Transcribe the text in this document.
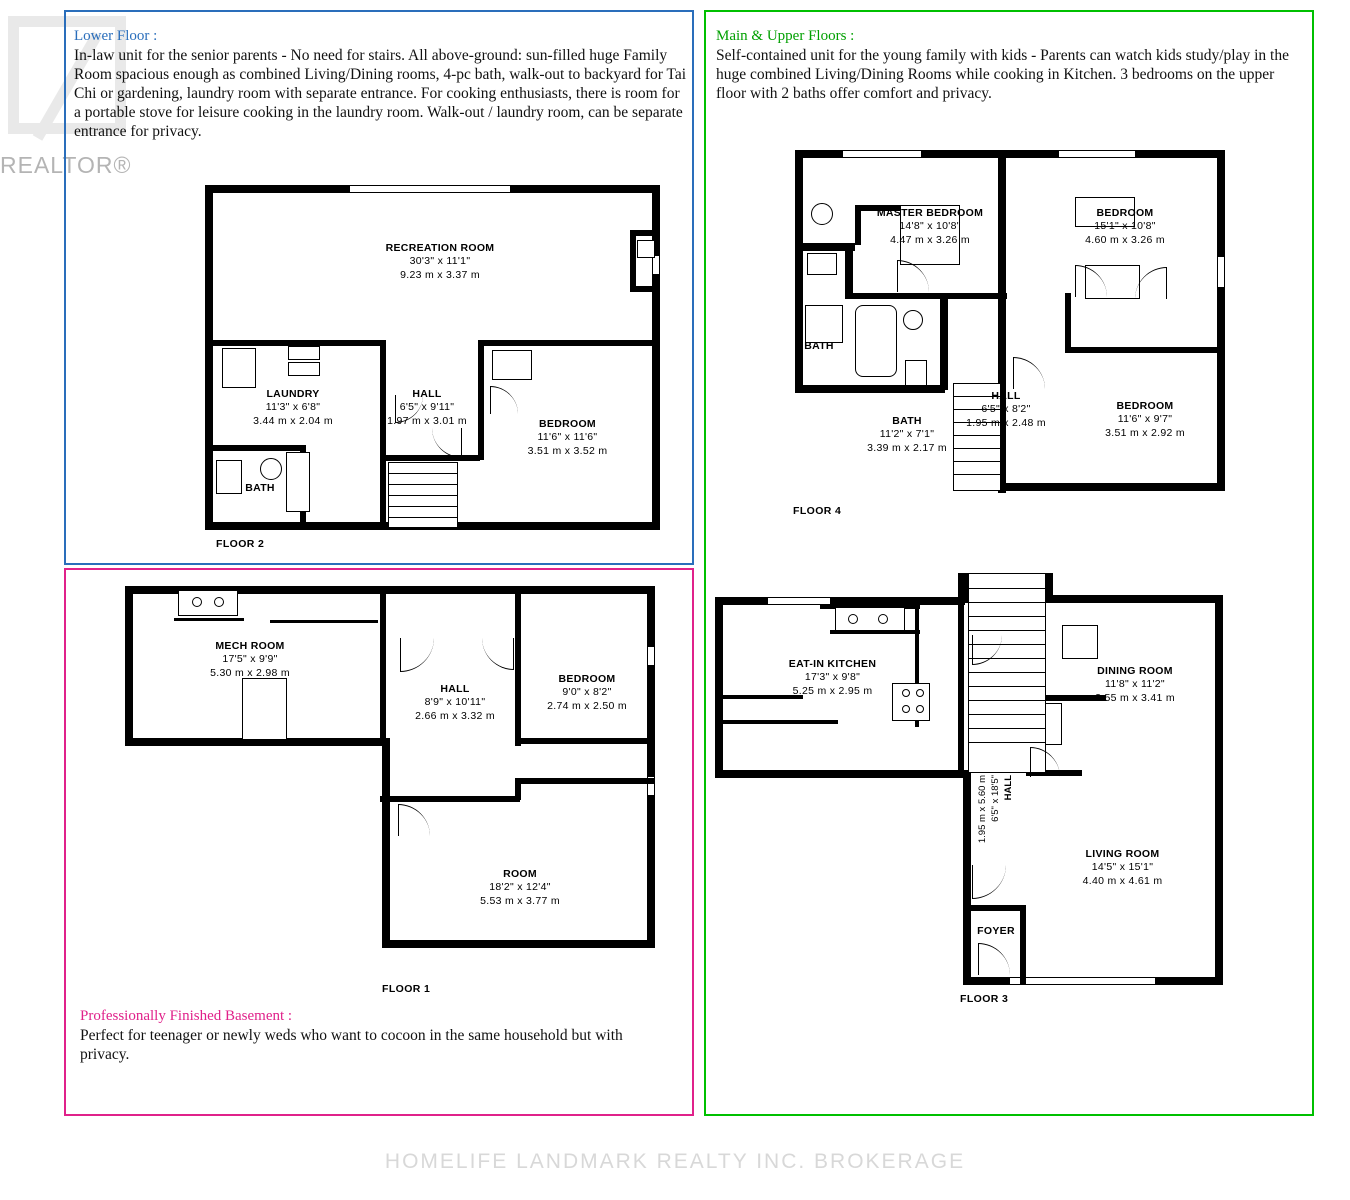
REALTOR®
Lower Floor :
In-law unit for the senior parents - No need for stairs. All above-ground: sun-filled huge Family Room spacious enough as combined Living/Dining rooms, 4-pc bath, walk-out to backyard for Tai Chi or gardening, laundry room with separate entrance. For cooking enthusiasts, there is room for a portable stove for leisure cooking in the laundry room. Walk-out / laundry room, can be separate entrance for privacy.
RECREATION ROOM
30'3" x 11'1"
9.23 m x 3.37 m
LAUNDRY
11'3" x 6'8"
3.44 m x 2.04 m
HALL
6'5" x 9'11"
1.97 m x 3.01 m	BEDROOM
11'6" x 11'6"
3.51 m x 3.52 m
BATH
FLOOR 2
Professionally Finished Basement :
Perfect for teenager or newly weds who want to cocoon in the same household but with privacy.
MECH ROOM
17'5" x 9'9"
5.30 m x 2.98 m
HALL
8'9" x 10'11"
2.66 m x 3.32 m
BEDROOM
9'0" x 8'2"
2.74 m x 2.50 m
ROOM
18'2" x 12'4"
5.53 m x 3.77 m
FLOOR 1
Main & Upper Floors :
Self-contained unit for the young family with kids - Parents can watch kids study/play in the huge combined Living/Dining Rooms while cooking in Kitchen. 3 bedrooms on the upper floor with 2 baths offer comfort and privacy.
MASTER BEDROOM
14'8" x 10'8"
4.47 m x 3.26 m
BEDROOM
15'1" x 10'8"
4.60 m x 3.26 m
BEDROOM
11'6" x 9'7"
3.51 m x 2.92 m
BATH
HALL
6'5" x 8'2"
1.95 m x 2.48 m
BATH
11'2" x 7'1"
3.39 m x 2.17 m
FLOOR 4
EAT-IN KITCHEN
17'3" x 9'8"
5.25 m x 2.95 m
DINING ROOM
11'8" x 11'2"
3.55 m x 3.41 m
LIVING ROOM
14'5" x 15'1"
4.40 m x 4.61 m
HALL
6'5" x 18'5"
1.95 m x 5.60 m
FOYER
FLOOR 3
HOMELIFE LANDMARK REALTY INC. BROKERAGE
